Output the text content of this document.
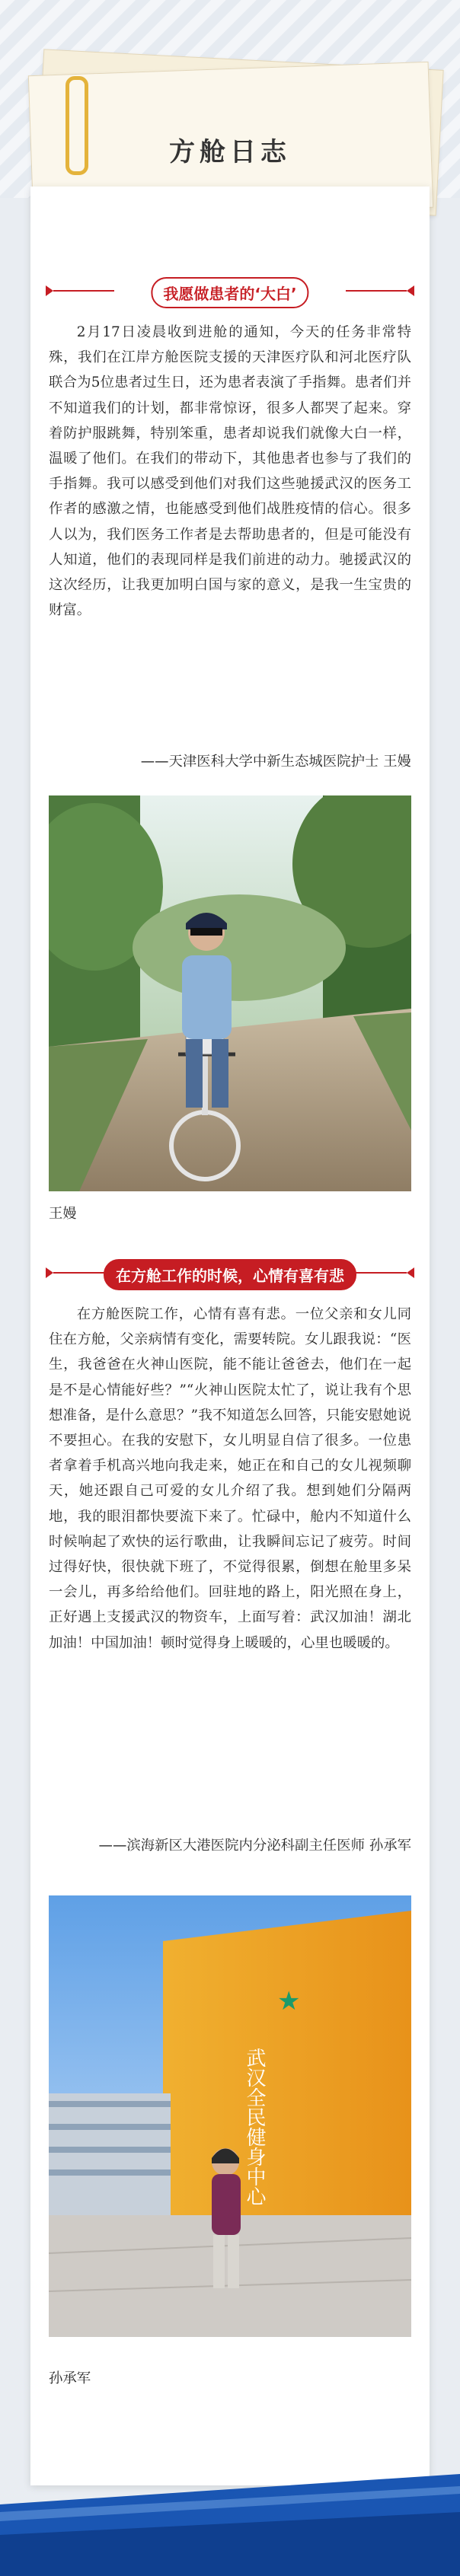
方舱日志
我愿做患者的‘大白’
2月17日凌晨收到进舱的通知，今天的任务非常特殊，我们在江岸方舱医院支援的天津医疗队和河北医疗队联合为5位患者过生日，还为患者表演了手指舞。患者们并不知道我们的计划，都非常惊讶，很多人都哭了起来。穿着防护服跳舞，特别笨重，患者却说我们就像大白一样，温暖了他们。在我们的带动下，其他患者也参与了我们的手指舞。我可以感受到他们对我们这些驰援武汉的医务工作者的感激之情，也能感受到他们战胜疫情的信心。很多人以为，我们医务工作者是去帮助患者的，但是可能没有人知道，他们的表现同样是我们前进的动力。驰援武汉的这次经历，让我更加明白国与家的意义，是我一生宝贵的财富。
——天津医科大学中新生态城医院护士 王嫚
王嫚
在方舱工作的时候，心情有喜有悲
在方舱医院工作，心情有喜有悲。一位父亲和女儿同住在方舱，父亲病情有变化，需要转院。女儿跟我说：“医生，我爸爸在火神山医院，能不能让爸爸去，他们在一起是不是心情能好些？”“火神山医院太忙了，说让我有个思想准备，是什么意思？”我不知道怎么回答，只能安慰她说不要担心。在我的安慰下，女儿明显自信了很多。一位患者拿着手机高兴地向我走来，她正在和自己的女儿视频聊天，她还跟自己可爱的女儿介绍了我。想到她们分隔两地，我的眼泪都快要流下来了。忙碌中，舱内不知道什么时候响起了欢快的运行歌曲，让我瞬间忘记了疲劳。时间过得好快，很快就下班了，不觉得很累，倒想在舱里多呆一会儿，再多给给他们。回驻地的路上，阳光照在身上，正好遇上支援武汉的物资车，上面写着：武汉加油！湖北加油！中国加油！顿时觉得身上暖暖的，心里也暖暖的。
——滨海新区大港医院内分泌科副主任医师 孙承军
★
武汉全民健身中心
孙承军
